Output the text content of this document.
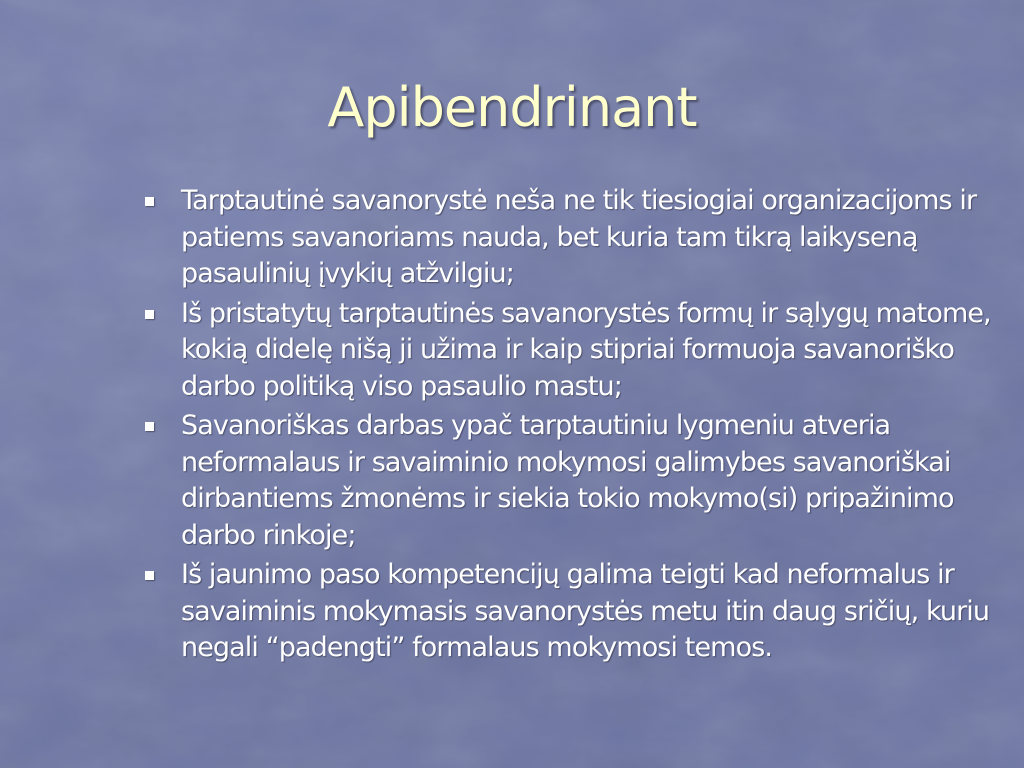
Apibendrinant
Tarptautinė savanorystė neša ne tik tiesiogiai organizacijoms ir patiems savanoriams nauda, bet kuria tam tikrą laikyseną pasaulinių įvykių atžvilgiu;
Iš pristatytų tarptautinės savanorystės formų ir sąlygų matome, kokią didelę nišą ji užima ir kaip stipriai formuoja savanoriško darbo politiką viso pasaulio mastu;
Savanoriškas darbas ypač tarptautiniu lygmeniu atveria neformalaus ir savaiminio mokymosi galimybes savanoriškai dirbantiems žmonėms ir siekia tokio mokymo(si) pripažinimo darbo rinkoje;
Iš jaunimo paso kompetencijų galima teigti kad neformalus ir savaiminis mokymasis savanorystės metu itin daug sričių, kuriu negali “padengti” formalaus mokymosi temos.
